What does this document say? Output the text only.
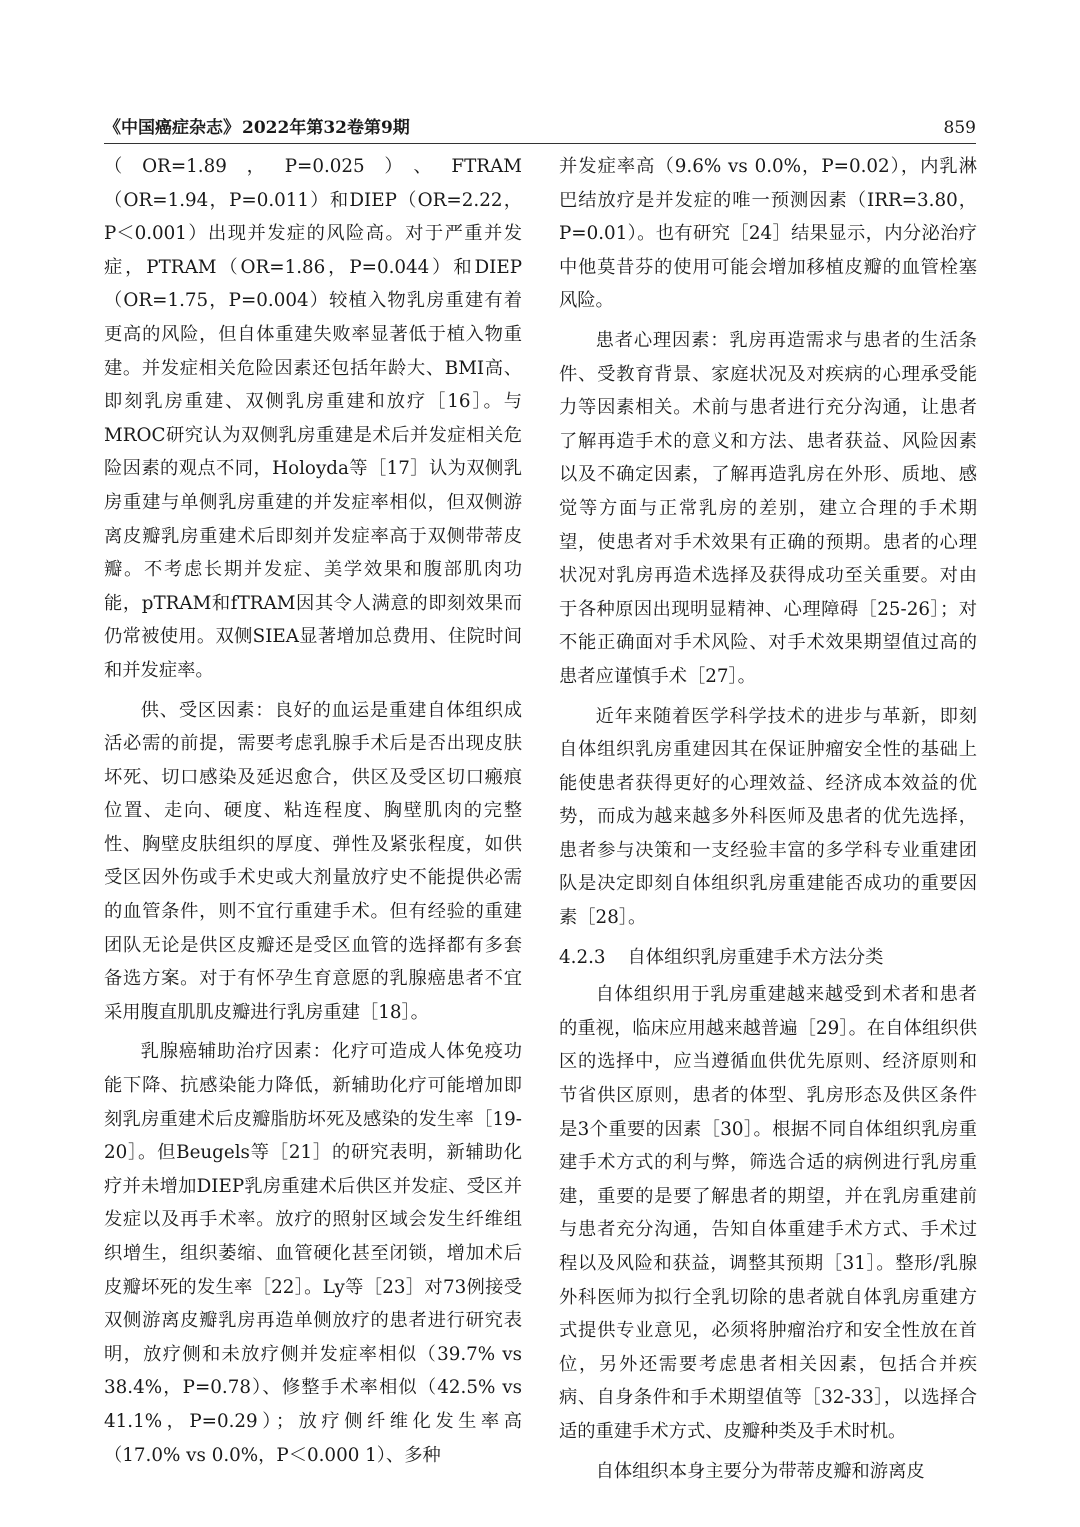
《中国癌症杂志》 2022年第32卷第9期	859

（OR=1.89，P=0.025）、FTRAM（OR=1.94，P=0.011）和DIEP（OR=2.22，P＜0.001）出现并发症的风险高。对于严重并发症，PTRAM（OR=1.86，P=0.044）和DIEP（OR=1.75，P=0.004）较植入物乳房重建有着更高的风险，但自体重建失败率显著低于植入物重建。并发症相关危险因素还包括年龄大、BMI高、即刻乳房重建、双侧乳房重建和放疗［16］。与MROC研究认为双侧乳房重建是术后并发症相关危险因素的观点不同，Holoyda等［17］认为双侧乳房重建与单侧乳房重建的并发症率相似，但双侧游离皮瓣乳房重建术后即刻并发症率高于双侧带蒂皮瓣。不考虑长期并发症、美学效果和腹部肌肉功能，pTRAM和fTRAM因其令人满意的即刻效果而仍常被使用。双侧SIEA显著增加总费用、住院时间和并发症率。

供、受区因素：良好的血运是重建自体组织成活必需的前提，需要考虑乳腺手术后是否出现皮肤坏死、切口感染及延迟愈合，供区及受区切口瘢痕位置、走向、硬度、粘连程度、胸壁肌肉的完整性、胸壁皮肤组织的厚度、弹性及紧张程度，如供受区因外伤或手术史或大剂量放疗史不能提供必需的血管条件，则不宜行重建手术。但有经验的重建团队无论是供区皮瓣还是受区血管的选择都有多套备选方案。对于有怀孕生育意愿的乳腺癌患者不宜采用腹直肌肌皮瓣进行乳房重建［18］。

乳腺癌辅助治疗因素：化疗可造成人体免疫功能下降、抗感染能力降低，新辅助化疗可能增加即刻乳房重建术后皮瓣脂肪坏死及感染的发生率［19-20］。但Beugels等［21］的研究表明，新辅助化疗并未增加DIEP乳房重建术后供区并发症、受区并发症以及再手术率。放疗的照射区域会发生纤维组织增生，组织萎缩、血管硬化甚至闭锁，增加术后皮瓣坏死的发生率［22］。Ly等［23］对73例接受双侧游离皮瓣乳房再造单侧放疗的患者进行研究表明，放疗侧和未放疗侧并发症率相似（39.7% vs 38.4%，P=0.78）、修整手术率相似（42.5% vs 41.1%，P=0.29）；放疗侧纤维化发生率高（17.0% vs 0.0%，P＜0.000 1）、多种

并发症率高（9.6% vs 0.0%，P=0.02），内乳淋巴结放疗是并发症的唯一预测因素（IRR=3.80，P=0.01）。也有研究［24］结果显示，内分泌治疗中他莫昔芬的使用可能会增加移植皮瓣的血管栓塞风险。

患者心理因素：乳房再造需求与患者的生活条件、受教育背景、家庭状况及对疾病的心理承受能力等因素相关。术前与患者进行充分沟通，让患者了解再造手术的意义和方法、患者获益、风险因素以及不确定因素，了解再造乳房在外形、质地、感觉等方面与正常乳房的差别，建立合理的手术期望，使患者对手术效果有正确的预期。患者的心理状况对乳房再造术选择及获得成功至关重要。对由于各种原因出现明显精神、心理障碍［25-26］；对不能正确面对手术风险、对手术效果期望值过高的患者应谨慎手术［27］。

近年来随着医学科学技术的进步与革新，即刻自体组织乳房重建因其在保证肿瘤安全性的基础上能使患者获得更好的心理效益、经济成本效益的优势，而成为越来越多外科医师及患者的优先选择，患者参与决策和一支经验丰富的多学科专业重建团队是决定即刻自体组织乳房重建能否成功的重要因素［28］。

4.2.3 自体组织乳房重建手术方法分类

自体组织用于乳房重建越来越受到术者和患者的重视，临床应用越来越普遍［29］。在自体组织供区的选择中，应当遵循血供优先原则、经济原则和节省供区原则，患者的体型、乳房形态及供区条件是3个重要的因素［30］。根据不同自体组织乳房重建手术方式的利与弊，筛选合适的病例进行乳房重建，重要的是要了解患者的期望，并在乳房重建前与患者充分沟通，告知自体重建手术方式、手术过程以及风险和获益，调整其预期［31］。整形/乳腺外科医师为拟行全乳切除的患者就自体乳房重建方式提供专业意见，必须将肿瘤治疗和安全性放在首位，另外还需要考虑患者相关因素，包括合并疾病、自身条件和手术期望值等［32-33］，以选择合适的重建手术方式、皮瓣种类及手术时机。

自体组织本身主要分为带蒂皮瓣和游离皮
